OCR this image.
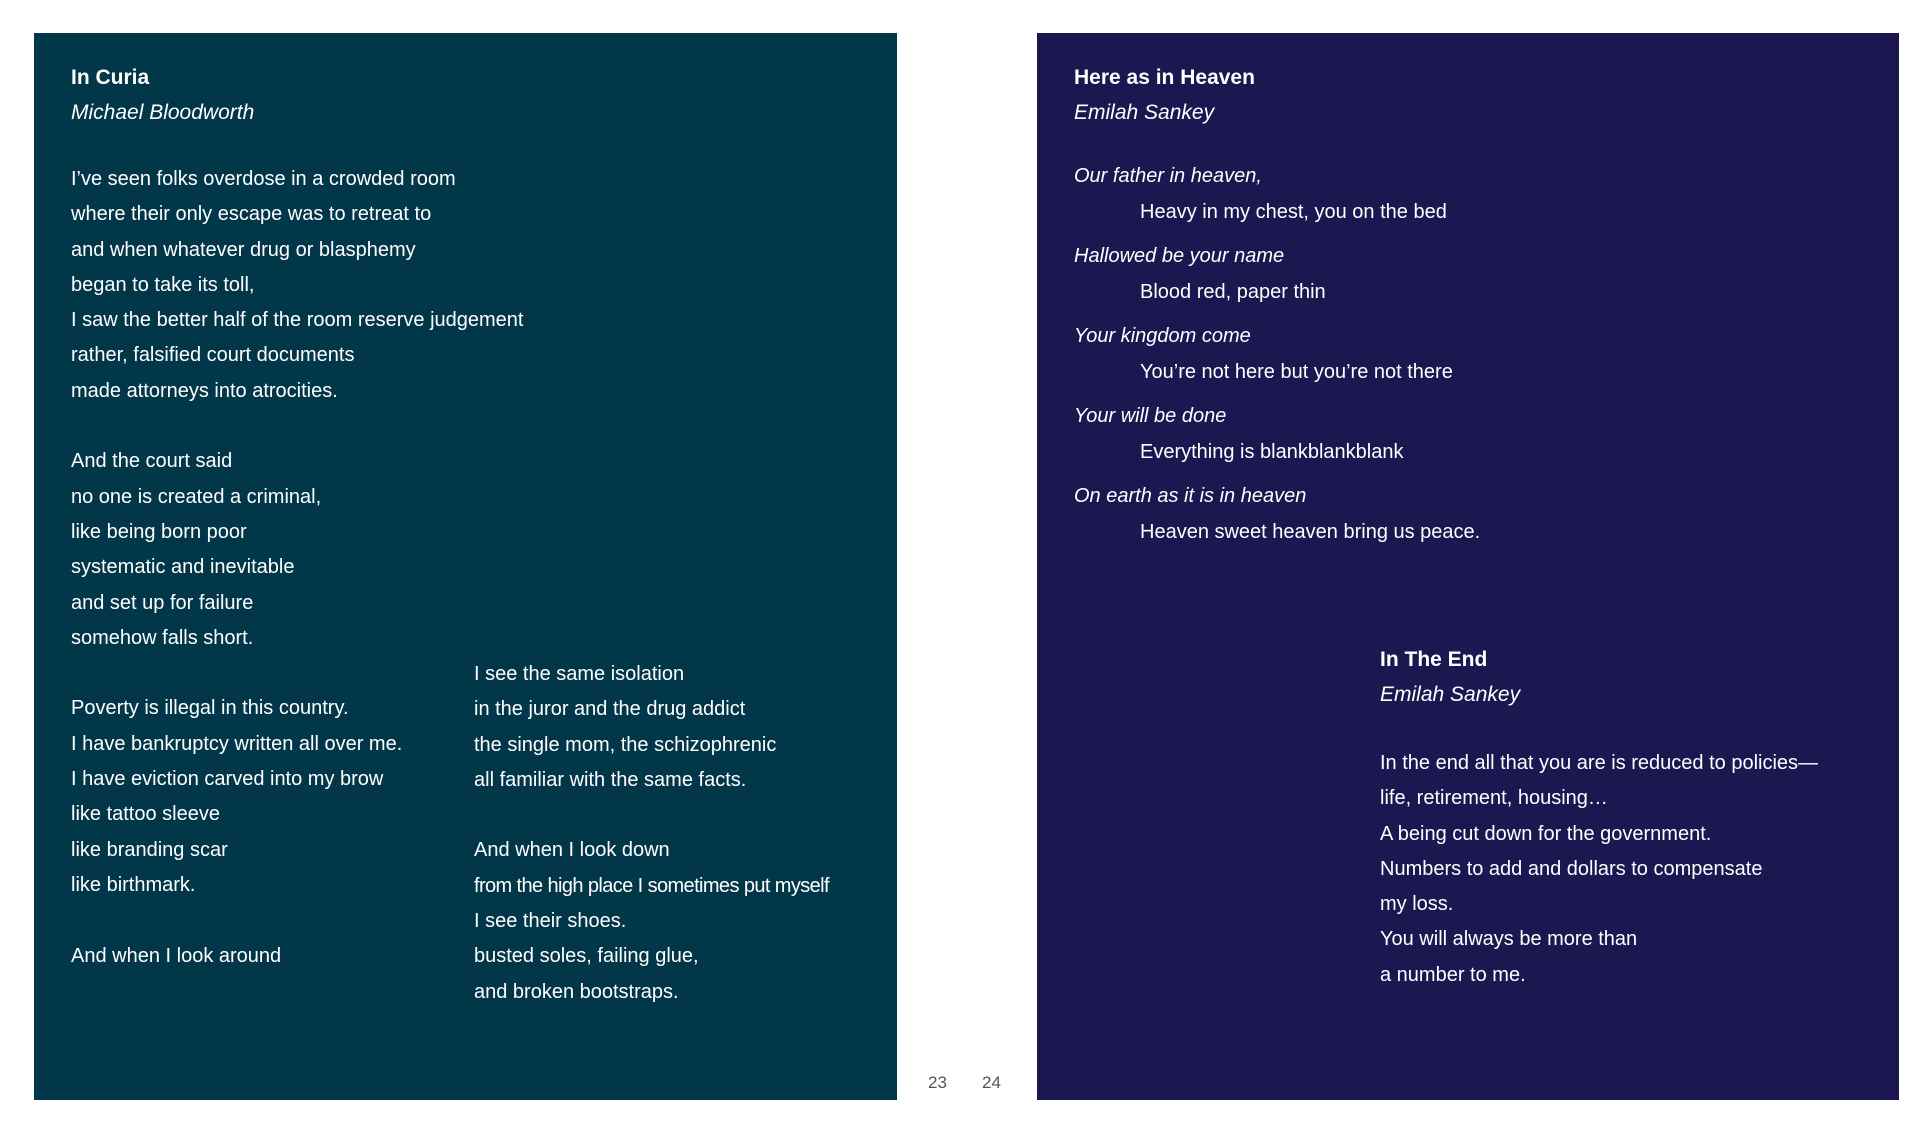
In Curia
Michael Bloodworth
I’ve seen folks overdose in a crowded room
where their only escape was to retreat to
and when whatever drug or blasphemy
began to take its toll,
I saw the better half of the room reserve judgement
rather, falsified court documents
made attorneys into atrocities.
And the court said
no one is created a criminal,
like being born poor
systematic and inevitable
and set up for failure
somehow falls short.
Poverty is illegal in this country.
I have bankruptcy written all over me.
I have eviction carved into my brow
like tattoo sleeve
like branding scar
like birthmark.
And when I look around
I see the same isolation
in the juror and the drug addict
the single mom, the schizophrenic
all familiar with the same facts.
And when I look down
from the high place I sometimes put myself
I see their shoes.
busted soles, failing glue,
and broken bootstraps.
Here as in Heaven
Emilah Sankey
Our father in heaven,
Heavy in my chest, you on the bed
Hallowed be your name
Blood red, paper thin
Your kingdom come
You’re not here but you’re not there
Your will be done
Everything is blankblankblank
On earth as it is in heaven
Heaven sweet heaven bring us peace.
In The End
Emilah Sankey
In the end all that you are is reduced to policies—
life, retirement, housing…
A being cut down for the government.
Numbers to add and dollars to compensate
my loss.
You will always be more than
a number to me.
23 24
